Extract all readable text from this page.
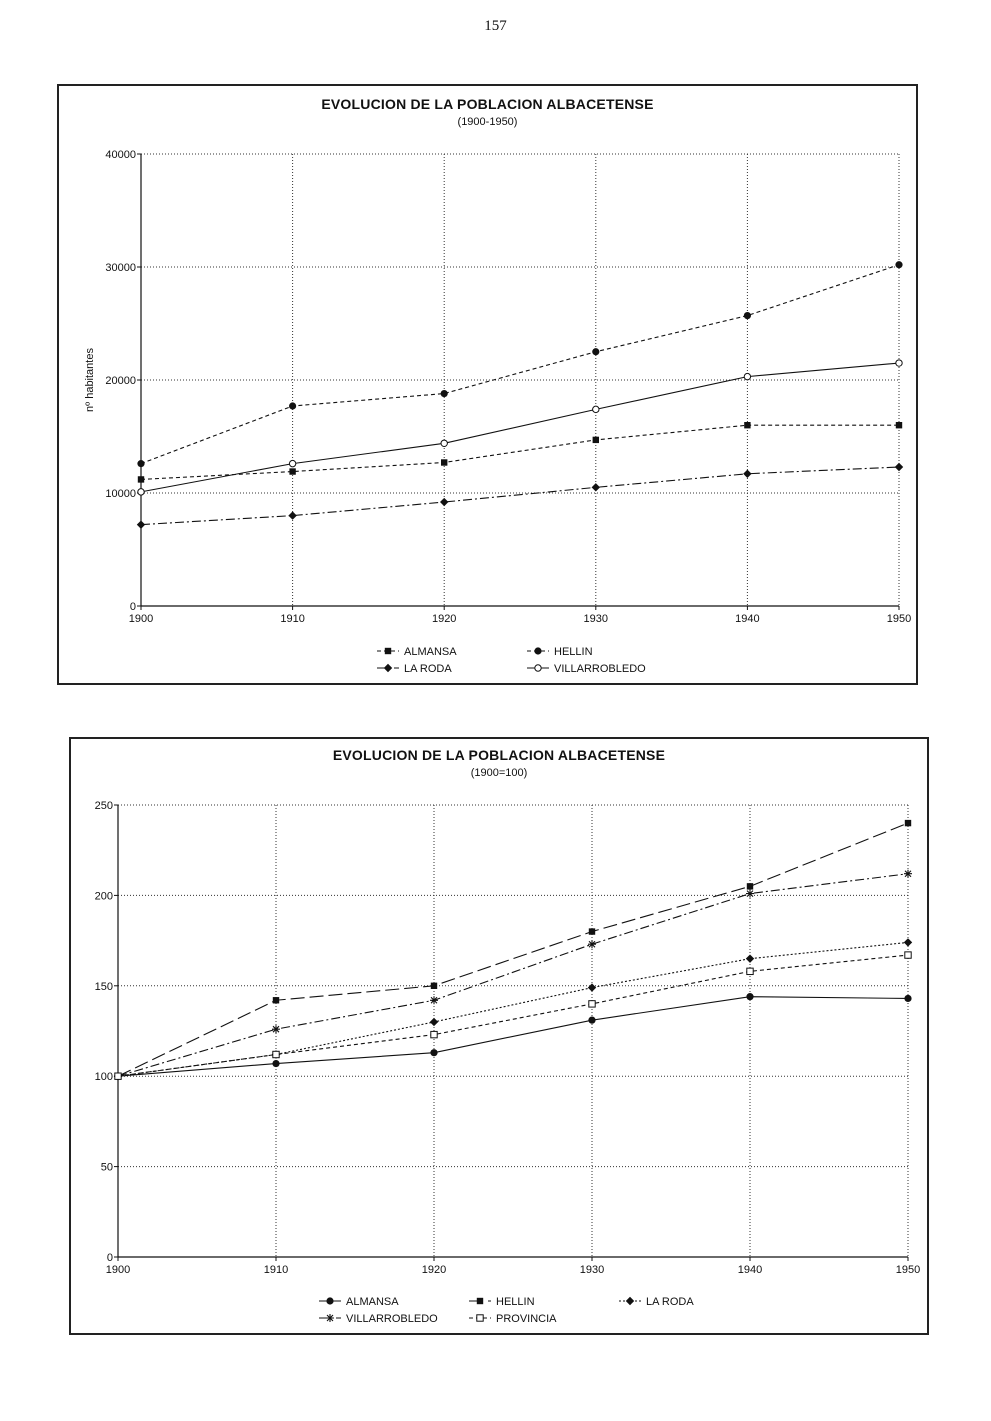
157
EVOLUCION DE LA POBLACION ALBACETENSE
(1900-1950)
0
10000
20000
30000
40000
1900	1910	1920	1930	1940	1950
nº habitantes
ALMANSA	HELLIN
LA RODA	VILLARROBLEDO
EVOLUCION DE LA POBLACION ALBACETENSE
(1900=100)
0
50
100
150
200
250
1900	1910	1920	1930	1940	1950
ALMANSA	HELLIN	LA RODA
VILLARROBLEDO	PROVINCIA
